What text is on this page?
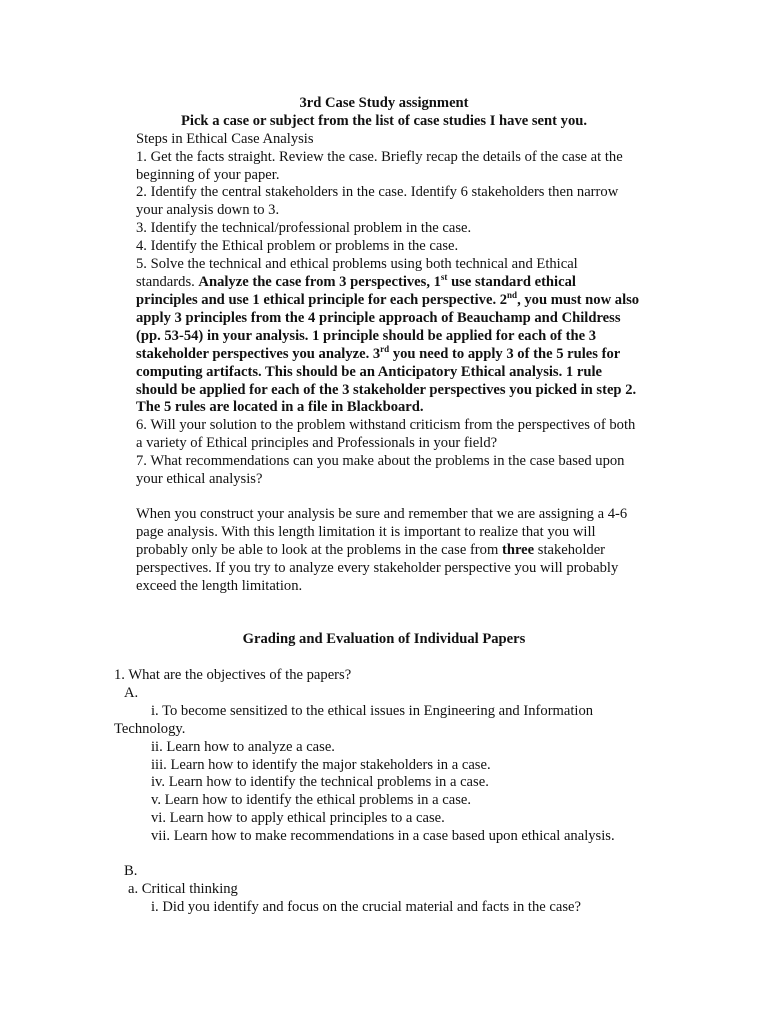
3rd Case Study assignment
Pick a case or subject from the list of case studies I have sent you.
Steps in Ethical Case Analysis
1. Get the facts straight. Review the case. Briefly recap the details of the case at the
beginning of your paper.
2. Identify the central stakeholders in the case. Identify 6 stakeholders then narrow
your analysis down to 3.
3. Identify the technical/professional problem in the case.
4. Identify the Ethical problem or problems in the case.
5. Solve the technical and ethical problems using both technical and Ethical
standards. Analyze the case from 3 perspectives, 1st use standard ethical
principles and use 1 ethical principle for each perspective. 2nd, you must now also
apply 3 principles from the 4 principle approach of Beauchamp and Childress
(pp. 53-54) in your analysis. 1 principle should be applied for each of the 3
stakeholder perspectives you analyze. 3rd you need to apply 3 of the 5 rules for
computing artifacts. This should be an Anticipatory Ethical analysis. 1 rule
should be applied for each of the 3 stakeholder perspectives you picked in step 2.
The 5 rules are located in a file in Blackboard.
6. Will your solution to the problem withstand criticism from the perspectives of both
a variety of Ethical principles and Professionals in your field?
7. What recommendations can you make about the problems in the case based upon
your ethical analysis?
When you construct your analysis be sure and remember that we are assigning a 4-6
page analysis. With this length limitation it is important to realize that you will
probably only be able to look at the problems in the case from three stakeholder
perspectives. If you try to analyze every stakeholder perspective you will probably
exceed the length limitation.
Grading and Evaluation of Individual Papers
1. What are the objectives of the papers?
A.
i. To become sensitized to the ethical issues in Engineering and Information
Technology.
ii. Learn how to analyze a case.
iii. Learn how to identify the major stakeholders in a case.
iv. Learn how to identify the technical problems in a case.
v. Learn how to identify the ethical problems in a case.
vi. Learn how to apply ethical principles to a case.
vii. Learn how to make recommendations in a case based upon ethical analysis.
B.
a. Critical thinking
i. Did you identify and focus on the crucial material and facts in the case?
